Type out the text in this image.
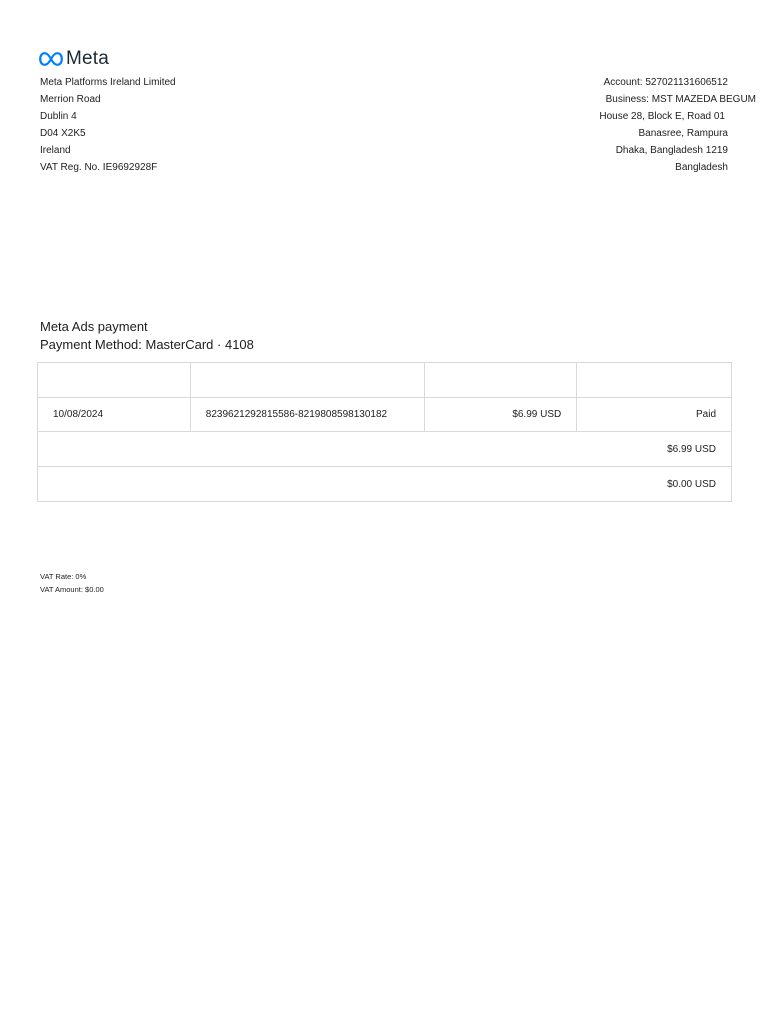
Meta
Meta Platforms Ireland Limited
Merrion Road
Dublin 4
D04 X2K5
Ireland
VAT Reg. No. IE9692928F
Account: 527021131606512
Business: MST MAZEDA BEGUM
House 28, Block E, Road 01
Banasree, Rampura
Dhaka, Bangladesh 1219
Bangladesh
Meta Ads payment
Payment Method: MasterCard · 4108

10/08/2024	8239621292815586-8219808598130182	$6.99 USD	Paid
$6.99 USD			
$0.00 USD			
VAT Rate: 0%
VAT Amount: $0.00
